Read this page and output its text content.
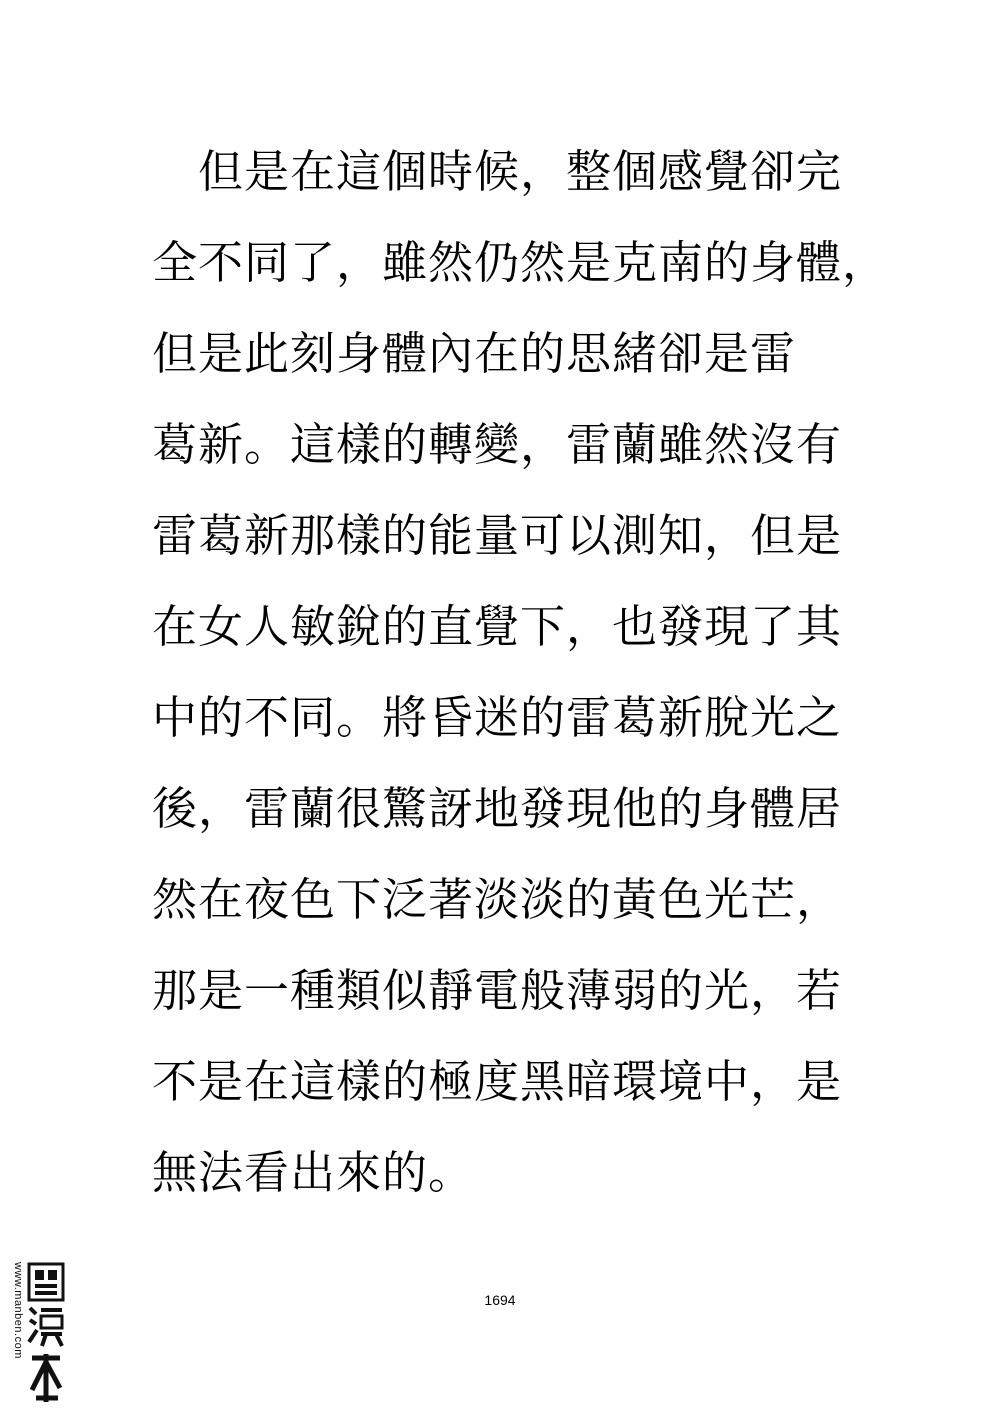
　但是在這個時候，整個感覺卻完
全不同了，雖然仍然是克南的身體，
但是此刻身體內在的思緒卻是雷
葛新。這樣的轉變，雷蘭雖然沒有
雷葛新那樣的能量可以測知，但是
在女人敏銳的直覺下，也發現了其
中的不同。將昏迷的雷葛新脫光之
後，雷蘭很驚訝地發現他的身體居
然在夜色下泛著淡淡的黃色光芒，
那是一種類似靜電般薄弱的光，若
不是在這樣的極度黑暗環境中，是
無法看出來的。
1694
www.manben.com
